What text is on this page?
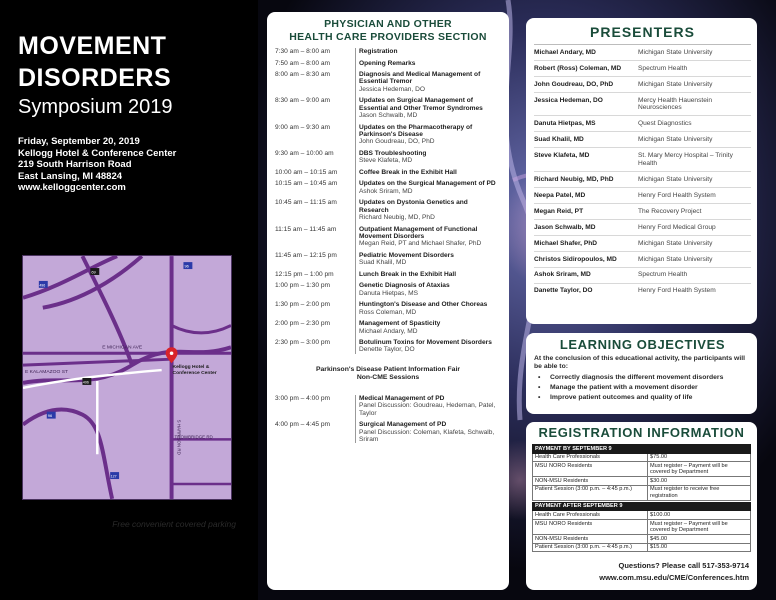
MOVEMENT
DISORDERS
Symposium 2019
Friday, September 20, 2019
Kellogg Hotel & Conference Center
219 South Harrison Road
East Lansing, MI 48824
www.kelloggcenter.com
E MICHIGAN AVE
E KALAMAZOO ST
S HARRISON RD
TROWBRIDGE RD
69
96
496
496
96
127
Kellogg Hotel &
Conference Center
Free convenient covered parking
PHYSICIAN AND OTHER
HEALTH CARE PROVIDERS SECTION
7:30 am – 8:00 am	Registration
7:50 am – 8:00 am	Opening Remarks
8:00 am – 8:30 am	Diagnosis and Medical Management of Essential Tremor
Jessica Hedeman, DO
8:30 am – 9:00 am	Updates on Surgical Management of Essential and Other Tremor Syndromes
Jason Schwalb, MD
9:00 am – 9:30 am	Updates on the Pharmacotherapy of Parkinson's Disease
John Goudreau, DO, PhD
9:30 am – 10:00 am	DBS Troubleshooting
Steve Klafeta, MD
10:00 am – 10:15 am	Coffee Break in the Exhibit Hall
10:15 am – 10:45 am	Updates on the Surgical Management of PD
Ashok Sriram, MD
10:45 am – 11:15 am	Updates on Dystonia Genetics and Research
Richard Neubig, MD, PhD
11:15 am – 11:45 am	Outpatient Management of Functional Movement Disorders
Megan Reid, PT and Michael Shafer, PhD
11:45 am – 12:15 pm	Pediatric Movement Disorders
Suad Khalil, MD
12:15 pm – 1:00 pm	Lunch Break in the Exhibit Hall
1:00 pm – 1:30 pm	Genetic Diagnosis of Ataxias
Danuta Hietpas, MS
1:30 pm – 2:00 pm	Huntington's Disease and Other Choreas
Ross Coleman, MD
2:00 pm – 2:30 pm	Management of Spasticity
Michael Andary, MD
2:30 pm – 3:00 pm	Botulinum Toxins for Movement Disorders
Denette Taylor, DO
Parkinson's Disease Patient Information Fair
Non-CME Sessions
3:00 pm – 4:00 pm	Medical Management of PD
Panel Discussion: Goudreau, Hedeman, Patel, Taylor
4:00 pm – 4:45 pm	Surgical Management of PD
Panel Discussion: Coleman, Klafeta, Schwalb, Sriram
PRESENTERS
Michael Andary, MD	Michigan State University
Robert (Ross) Coleman, MD	Spectrum Health
John Goudreau, DO, PhD	Michigan State University
Jessica Hedeman, DO	Mercy Health Hauenstein Neurosciences
Danuta Hietpas, MS	Quest Diagnostics
Suad Khalil, MD	Michigan State University
Steve Klafeta, MD	St. Mary Mercy Hospital – Trinity Health
Richard Neubig, MD, PhD	Michigan State University
Neepa Patel, MD	Henry Ford Health System
Megan Reid, PT	The Recovery Project
Jason Schwalb, MD	Henry Ford Medical Group
Michael Shafer, PhD	Michigan State University
Christos Sidiropoulos, MD	Michigan State University
Ashok Sriram, MD	Spectrum Health
Danette Taylor, DO	Henry Ford Health System
LEARNING OBJECTIVES
At the conclusion of this educational activity, the participants will be able to:
•	Correctly diagnosis the different movement disorders
•	Manage the patient with a movement disorder
•	Improve patient outcomes and quality of life
REGISTRATION INFORMATION
PAYMENT BY SEPTEMBER 9	
Health Care Professionals	$75.00
MSU NORO Residents	Must register – Payment will be covered by Department
NON-MSU Residents	$30.00
Patient Session (3:00 p.m. – 4:45 p.m.)	Must register to receive free registration

PAYMENT AFTER SEPTEMBER 9	
Health Care Professionals	$100.00
MSU NORO Residents	Must register – Payment will be covered by Department
NON-MSU Residents	$45.00
Patient Session (3:00 p.m. – 4:45 p.m.)	$15.00
Questions? Please call 517-353-9714
www.com.msu.edu/CME/Conferences.htm
